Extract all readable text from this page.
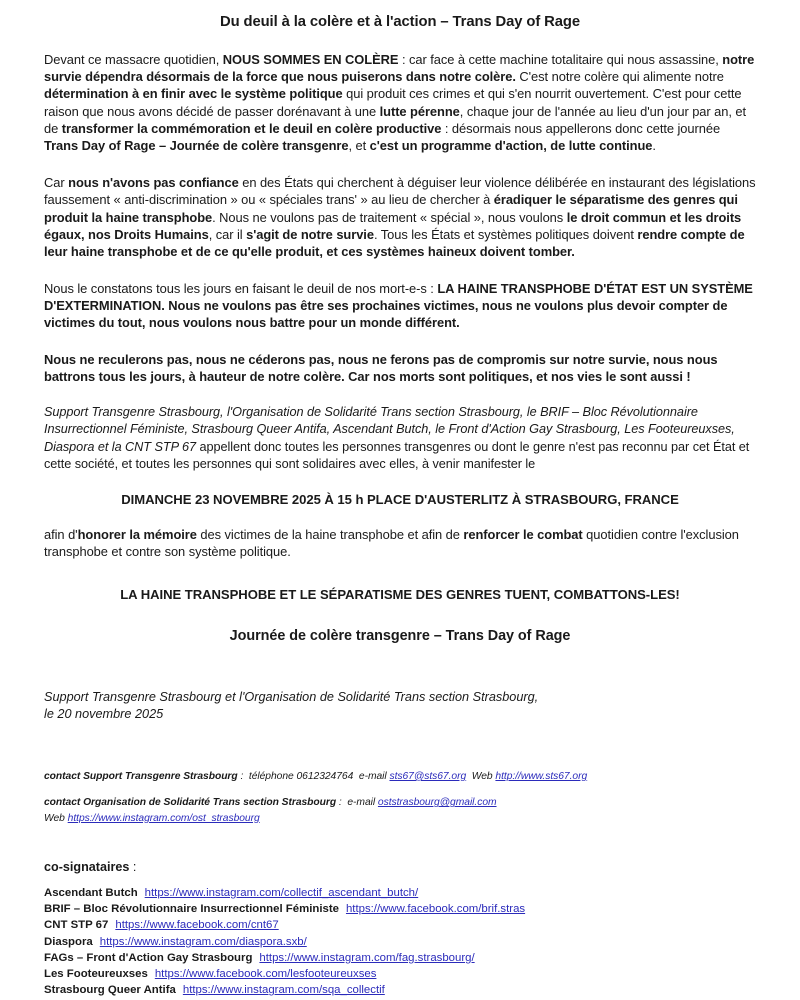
Du deuil à la colère et à l'action – Trans Day of Rage

Devant ce massacre quotidien, NOUS SOMMES EN COLÈRE : car face à cette machine totalitaire qui nous assassine, notre survie dépendra désormais de la force que nous puiserons dans notre colère. C'est notre colère qui alimente notre détermination à en finir avec le système politique qui produit ces crimes et qui s'en nourrit ouvertement. C'est pour cette raison que nous avons décidé de passer dorénavant à une lutte pérenne, chaque jour de l'année au lieu d'un jour par an, et de transformer la commémoration et le deuil en colère productive : désormais nous appellerons donc cette journée Trans Day of Rage – Journée de colère transgenre, et c'est un programme d'action, de lutte continue.

Car nous n'avons pas confiance en des États qui cherchent à déguiser leur violence délibérée en instaurant des législations faussement « anti-discrimination » ou « spéciales trans' » au lieu de chercher à éradiquer le séparatisme des genres qui produit la haine transphobe. Nous ne voulons pas de traitement « spécial », nous voulons le droit commun et les droits égaux, nos Droits Humains, car il s'agit de notre survie. Tous les États et systèmes politiques doivent rendre compte de leur haine transphobe et de ce qu'elle produit, et ces systèmes haineux doivent tomber.

Nous le constatons tous les jours en faisant le deuil de nos mort-e-s : LA HAINE TRANSPHOBE D'ÉTAT EST UN SYSTÈME D'EXTERMINATION. Nous ne voulons pas être ses prochaines victimes, nous ne voulons plus devoir compter de victimes du tout, nous voulons nous battre pour un monde différent.

Nous ne reculerons pas, nous ne céderons pas, nous ne ferons pas de compromis sur notre survie, nous nous battrons tous les jours, à hauteur de notre colère. Car nos morts sont politiques, et nos vies le sont aussi !

Support Transgenre Strasbourg, l'Organisation de Solidarité Trans section Strasbourg, le BRIF – Bloc Révolutionnaire Insurrectionnel Féministe, Strasbourg Queer Antifa, Ascendant Butch, le Front d'Action Gay Strasbourg, Les Footeureuxses, Diaspora et la CNT STP 67 appellent donc toutes les personnes transgenres ou dont le genre n'est pas reconnu par cet État et cette société, et toutes les personnes qui sont solidaires avec elles, à venir manifester le

DIMANCHE 23 NOVEMBRE 2025 À 15 h PLACE D'AUSTERLITZ À STRASBOURG, FRANCE

afin d'honorer la mémoire des victimes de la haine transphobe et afin de renforcer le combat quotidien contre l'exclusion transphobe et contre son système politique.

LA HAINE TRANSPHOBE ET LE SÉPARATISME DES GENRES TUENT, COMBATTONS-LES!

Journée de colère transgenre – Trans Day of Rage

Support Transgenre Strasbourg et l'Organisation de Solidarité Trans section Strasbourg,

le 20 novembre 2025

contact Support Transgenre Strasbourg : téléphone 0612324764 e-mail sts67@sts67.org Web http://www.sts67.org

contact Organisation de Solidarité Trans section Strasbourg : e-mail oststrasbourg@gmail.com
Web https://www.instagram.com/ost_strasbourg

co-signataires :

Ascendant Butch https://www.instagram.com/collectif_ascendant_butch/
BRIF – Bloc Révolutionnaire Insurrectionnel Féministe https://www.facebook.com/brif.stras
CNT STP 67 https://www.facebook.com/cnt67
Diaspora https://www.instagram.com/diaspora.sxb/
FAGs – Front d'Action Gay Strasbourg https://www.instagram.com/fag.strasbourg/
Les Footeureuxses https://www.facebook.com/lesfooteureuxses
Strasbourg Queer Antifa https://www.instagram.com/sqa_collectif
